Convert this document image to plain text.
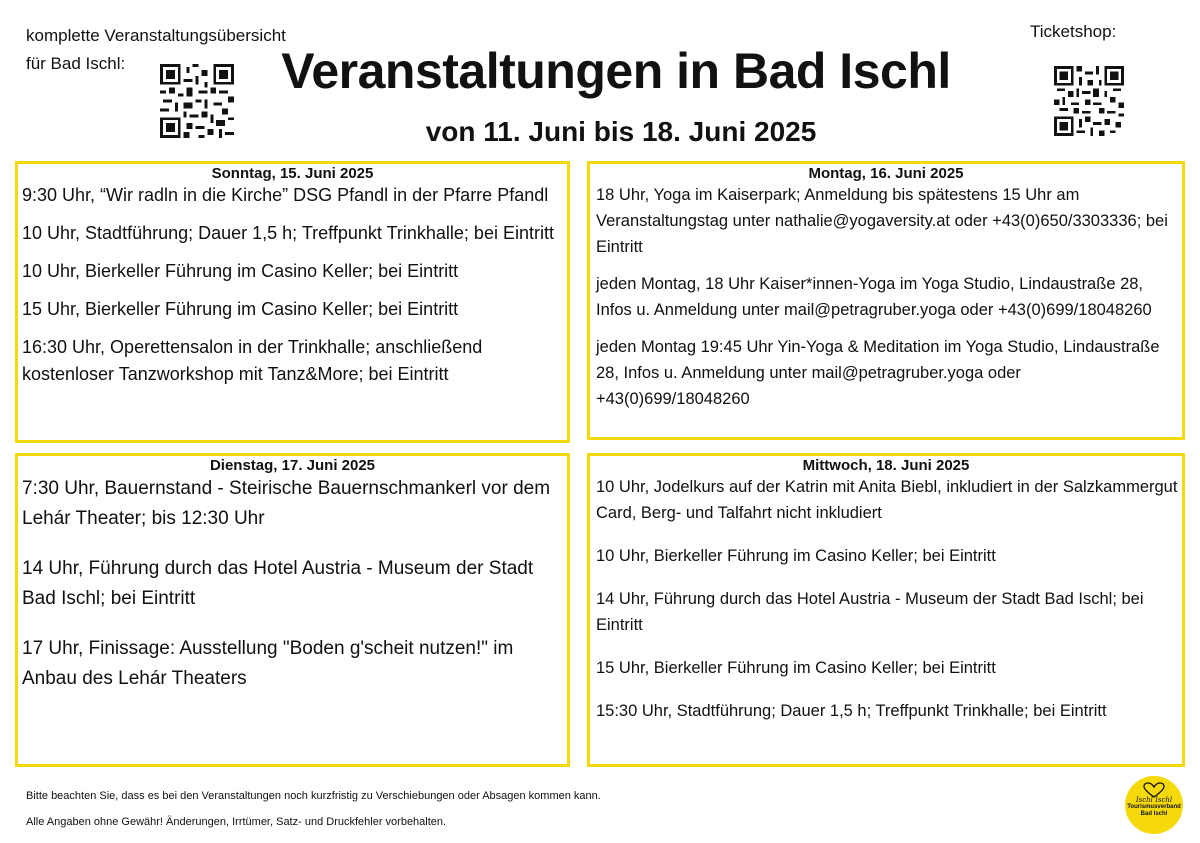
komplette Veranstaltungsübersicht
für Bad Ischl:
Ticketshop:
Veranstaltungen in Bad Ischl
von 11. Juni bis 18. Juni 2025
Sonntag, 15. Juni 2025

9:30 Uhr, “Wir radln in die Kirche” DSG Pfandl in der Pfarre Pfandl

10 Uhr, Stadtführung; Dauer 1,5 h; Treffpunkt Trinkhalle; bei Eintritt

10 Uhr, Bierkeller Führung im Casino Keller; bei Eintritt

15 Uhr, Bierkeller Führung im Casino Keller; bei Eintritt

16:30 Uhr, Operettensalon in der Trinkhalle; anschließend kostenloser Tanzworkshop mit Tanz&More; bei Eintritt

Montag, 16. Juni 2025

18 Uhr, Yoga im Kaiserpark; Anmeldung bis spätestens 15 Uhr am Veranstaltungstag unter nathalie@yogaversity.at oder +43(0)650/3303336; bei Eintritt

jeden Montag, 18 Uhr Kaiser*innen-Yoga im Yoga Studio, Lindaustraße 28, Infos u. Anmeldung unter mail@petragruber.yoga oder +43(0)699/18048260

jeden Montag 19:45 Uhr Yin-Yoga & Meditation im Yoga Studio, Lindaustraße 28, Infos u. Anmeldung unter mail@petragruber.yoga oder +43(0)699/18048260

Dienstag, 17. Juni 2025

7:30 Uhr, Bauernstand - Steirische Bauernschmankerl vor dem Lehár Theater; bis 12:30 Uhr

14 Uhr, Führung durch das Hotel Austria - Museum der Stadt Bad Ischl; bei Eintritt

17 Uhr, Finissage: Ausstellung "Boden g'scheit nutzen!" im Anbau des Lehár Theaters

Mittwoch, 18. Juni 2025

10 Uhr, Jodelkurs auf der Katrin mit Anita Biebl, inkludiert in der Salzkammergut Card, Berg- und Talfahrt nicht inkludiert

10 Uhr, Bierkeller Führung im Casino Keller; bei Eintritt

14 Uhr, Führung durch das Hotel Austria - Museum der Stadt Bad Ischl; bei Eintritt

15 Uhr, Bierkeller Führung im Casino Keller; bei Eintritt

15:30 Uhr, Stadtführung; Dauer 1,5 h; Treffpunkt Trinkhalle; bei Eintritt

Bitte beachten Sie, dass es bei den Veranstaltungen noch kurzfristig zu Verschiebungen oder Absagen kommen kann.
Alle Angaben ohne Gewähr! Änderungen, Irrtümer, Satz- und Druckfehler vorbehalten.
Ischl Ischl
Tourismusverband
Bad Ischl
